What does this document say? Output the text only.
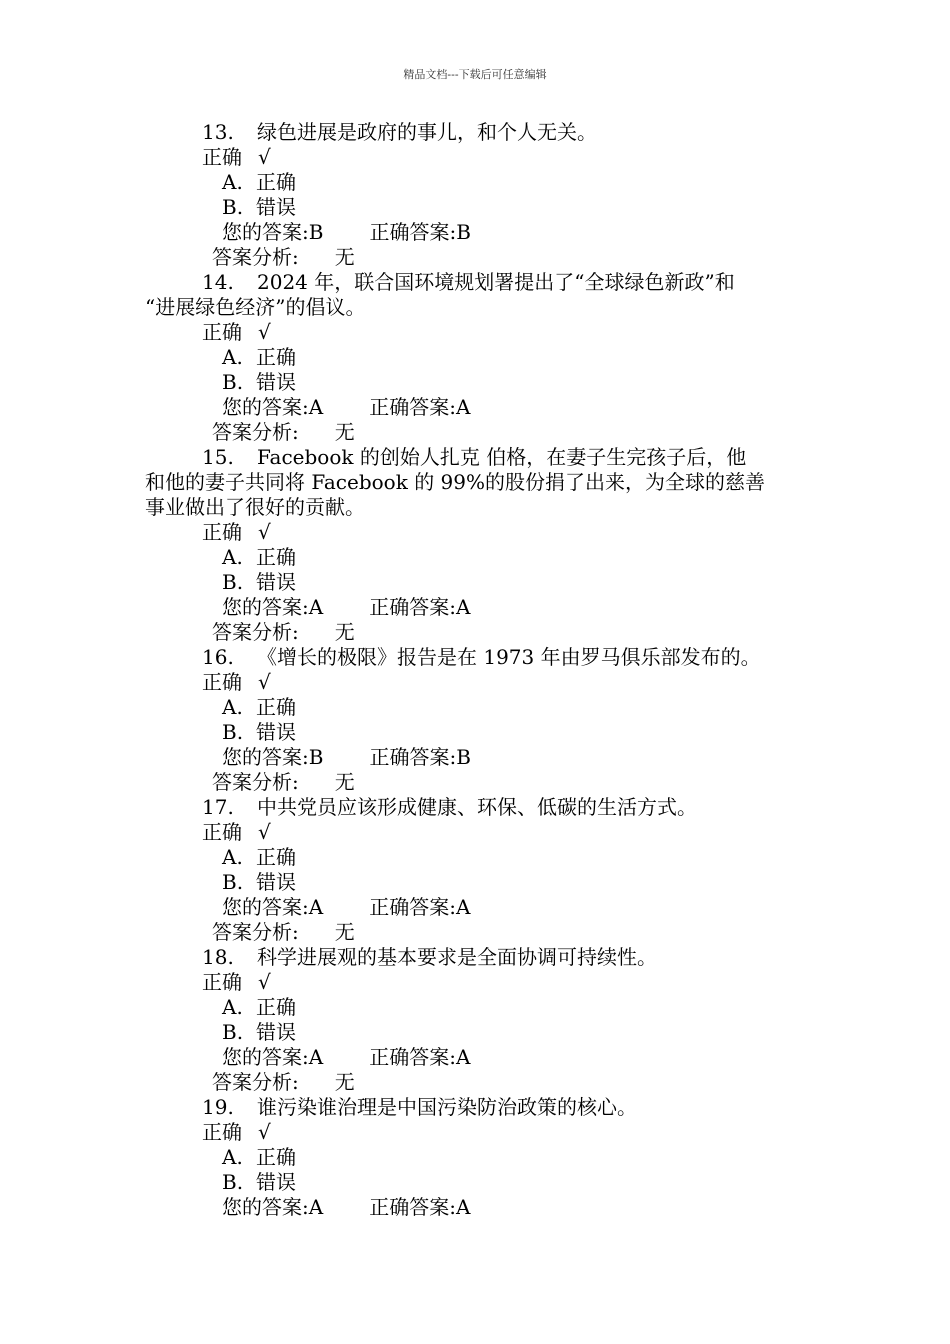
精品文档---下载后可任意编辑
13. 绿色进展是政府的事儿，和个人无关。
正确 √
A. 正确
B. 错误
您的答案:B 正确答案:B
答案分析: 无
14. 2024 年，联合国环境规划署提出了“全球绿色新政”和
“进展绿色经济”的倡议。
正确 √
A. 正确
B. 错误
您的答案:A 正确答案:A
答案分析: 无
15. Facebook 的创始人扎克 伯格，在妻子生完孩子后，他
和他的妻子共同将 Facebook 的 99%的股份捐了出来，为全球的慈善
事业做出了很好的贡献。
正确 √
A. 正确
B. 错误
您的答案:A 正确答案:A
答案分析: 无
16. 《增长的极限》报告是在 1973 年由罗马俱乐部发布的。
正确 √
A. 正确
B. 错误
您的答案:B 正确答案:B
答案分析: 无
17. 中共党员应该形成健康、环保、低碳的生活方式。
正确 √
A. 正确
B. 错误
您的答案:A 正确答案:A
答案分析: 无
18. 科学进展观的基本要求是全面协调可持续性。
正确 √
A. 正确
B. 错误
您的答案:A 正确答案:A
答案分析: 无
19. 谁污染谁治理是中国污染防治政策的核心。
正确 √
A. 正确
B. 错误
您的答案:A 正确答案:A
